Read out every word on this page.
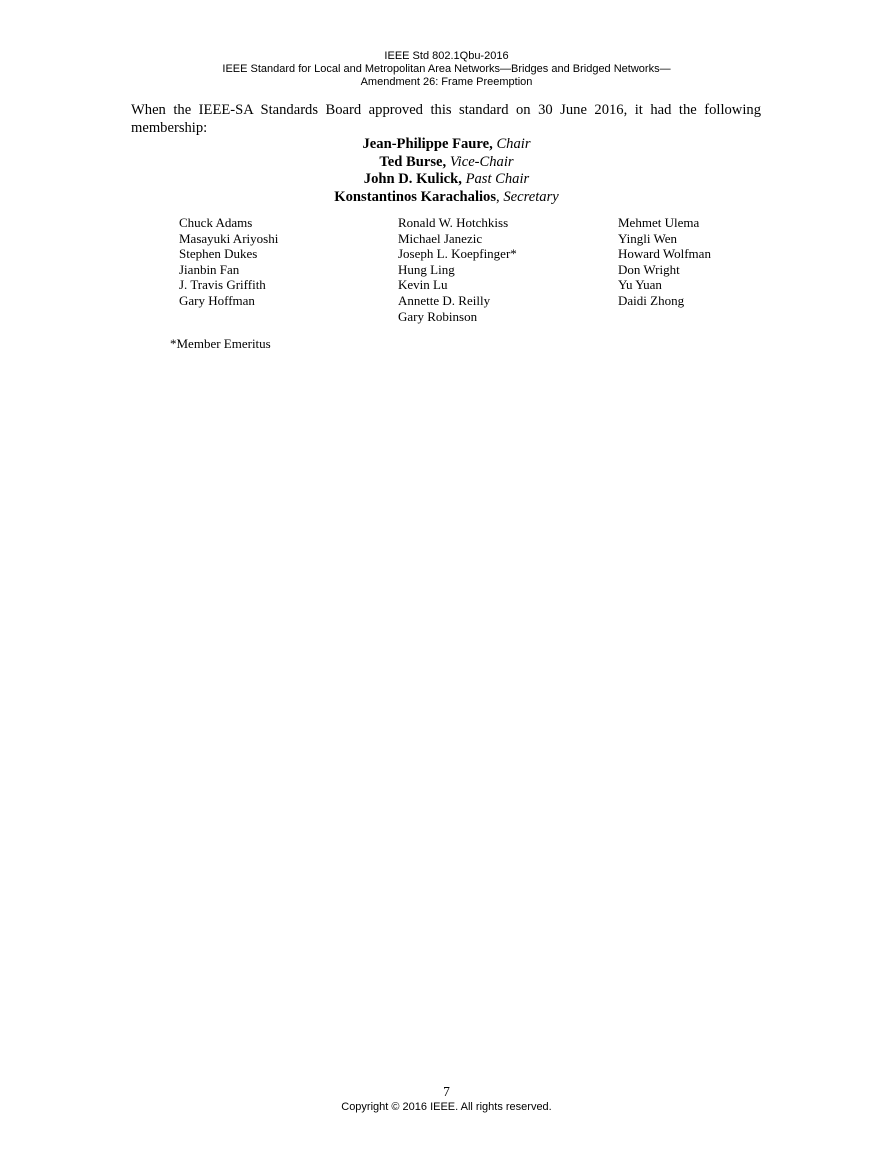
IEEE Std 802.1Qbu-2016
IEEE Standard for Local and Metropolitan Area Networks—Bridges and Bridged Networks—
Amendment 26: Frame Preemption
When the IEEE-SA Standards Board approved this standard on 30 June 2016, it had the following membership:
Jean-Philippe Faure, Chair
Ted Burse, Vice-Chair
John D. Kulick, Past Chair
Konstantinos Karachalios, Secretary
Chuck Adams
Masayuki Ariyoshi
Stephen Dukes
Jianbin Fan
J. Travis Griffith
Gary Hoffman
Ronald W. Hotchkiss
Michael Janezic
Joseph L. Koepfinger*
Hung Ling
Kevin Lu
Annette D. Reilly
Gary Robinson
Mehmet Ulema
Yingli Wen
Howard Wolfman
Don Wright
Yu Yuan
Daidi Zhong
*Member Emeritus
7
Copyright © 2016 IEEE. All rights reserved.
